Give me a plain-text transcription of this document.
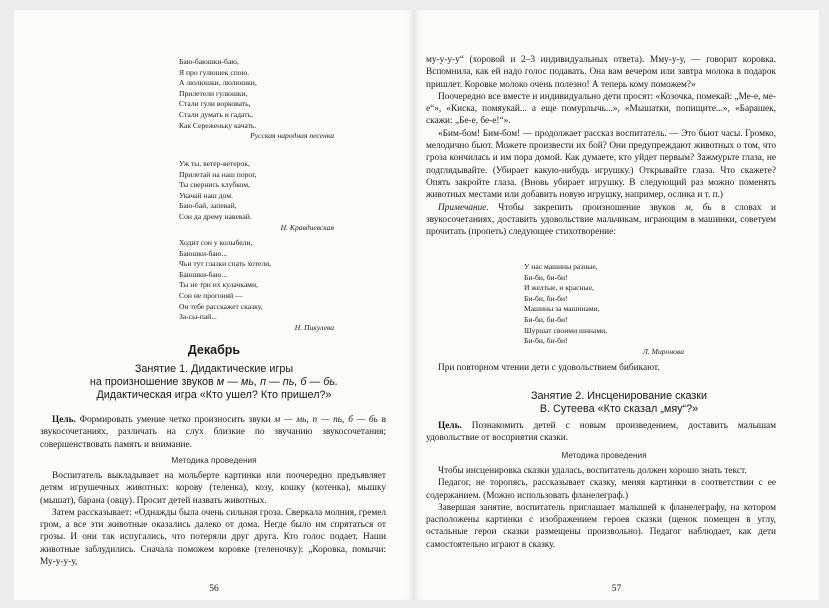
Баю-баюшки-баю,
Я про гулюшек спою.
А люлюшки, люлюшки,
Прилетели гулюшки,
Стали гули ворковать,
Стали думать и гадать,
Как Сереженьку качать.
Русская народная песенка
Уж ты, ветер-ветерок,
Прилетай на наш порог,
Ты свернись клубком,
Укачай наш дом.
Баю-бай, запевай,
Сон да дрему навевай.
Н. Кравдиевская
Ходит сон у колыбели,
Баюшки-баю...
Чьи тут глазки спать хотели,
Баюшки-баю...
Ты не три их кулачками,
Сон не прогоняй —
Он тебе расскажет сказку,
За-сы-пай...
Н. Пикулева
Декабрь
Занятие 1. Дидактические игры
на произношение звуков м — мь, п — пь, б — бь.
Дидактическая игра «Кто ушел? Кто пришел?»

Цель. Формировать умение четко произносить звуки м — мь, п — пь, б — бь в звукосочетаниях, различать на слух близкие по звучанию звукосочетания; совершенствовать память и внимание.

Методика проведения

Воспитатель выкладывает на мольберте картинки или поочередно предъявляет детям игрушечных животных: корову (теленка), козу, кошку (котенка), мышку (мышат), барана (овцу). Просит детей назвать животных.

Затем рассказывает: «Однажды была очень сильная гроза. Сверкала молния, гремел гром, а все эти животные оказались далеко от дома. Негде было им спрятаться от грозы. И они так испугались, что потеряли друг друга. Кто голос подает. Наши животные заблудились. Сначала поможем коровке (теленочку): „Коровка, помычи: Му-у-у-у,

56

му-у-у-у“ (хоровой и 2–3 индивидуальных ответа). Мму-у-у, — говорит коровка. Вспомнила, как ей надо голос подавать. Она вам вечером или завтра молока в подарок пришлет. Коровке молоко очень полезно! А теперь кому поможем?»

Поочередно все вместе и индивидуально дети просят: «Козочка, помекай: „Ме-е, ме-е“», «Киска, помяукай... а еще помурлычь...», «Мышатки, попищите...», «Барашек, скажи: „Бе-е, бе-е!“».

«Бим-бом! Бим-бом! — продолжает рассказ воспитатель. — Это бьют часы. Громко, мелодично бьют. Можете произвести их бой? Они предупреждают животных о том, что гроза кончилась и им пора домой. Как думаете, кто уйдет первым? Зажмурьте глаза, не подглядывайте. (Убирает какую-нибудь игрушку.) Открывайте глаза. Что скажете? Опять закройте глаза. (Вновь убирает игрушку. В следующий раз можно поменять животных местами или добавить новую игрушку, например, ослика и т. п.)

Примечание. Чтобы закрепить произношение звуков м, бь в словах и звукосочетаниях, доставить удовольствие мальчикам, играющим в машинки, советуем прочитать (пропеть) следующее стихотворение:

У нас машины разные,
Би-би, би-би!
И желтые, и красные,
Би-би, би-би!
Машины за машинами,
Би-би, би-би!
Шуршат своими шинами,
Би-би, би-би!
Л. Миронова

При повторном чтении дети с удовольствием бибикают.

Занятие 2. Инсценирование сказки
В. Сутеева «Кто сказал „мяу“?»

Цель. Познакомить детей с новым произведением, доставить малышам удовольствие от восприятия сказки.

Методика проведения

Чтобы инсценировка сказки удалась, воспитатель должен хорошо знать текст.

Педагог, не торопясь, рассказывает сказку, меняя картинки в соответствии с ее содержанием. (Можно использовать фланелеграф.)

Завершая занятие, воспитатель приглашает малышей к фланелеграфу, на котором расположены картинки с изображением героев сказки (щенок помещен в углу, остальные герои сказки размещены произвольно). Педагог наблюдает, как дети самостоятельно играют в сказку.

57
